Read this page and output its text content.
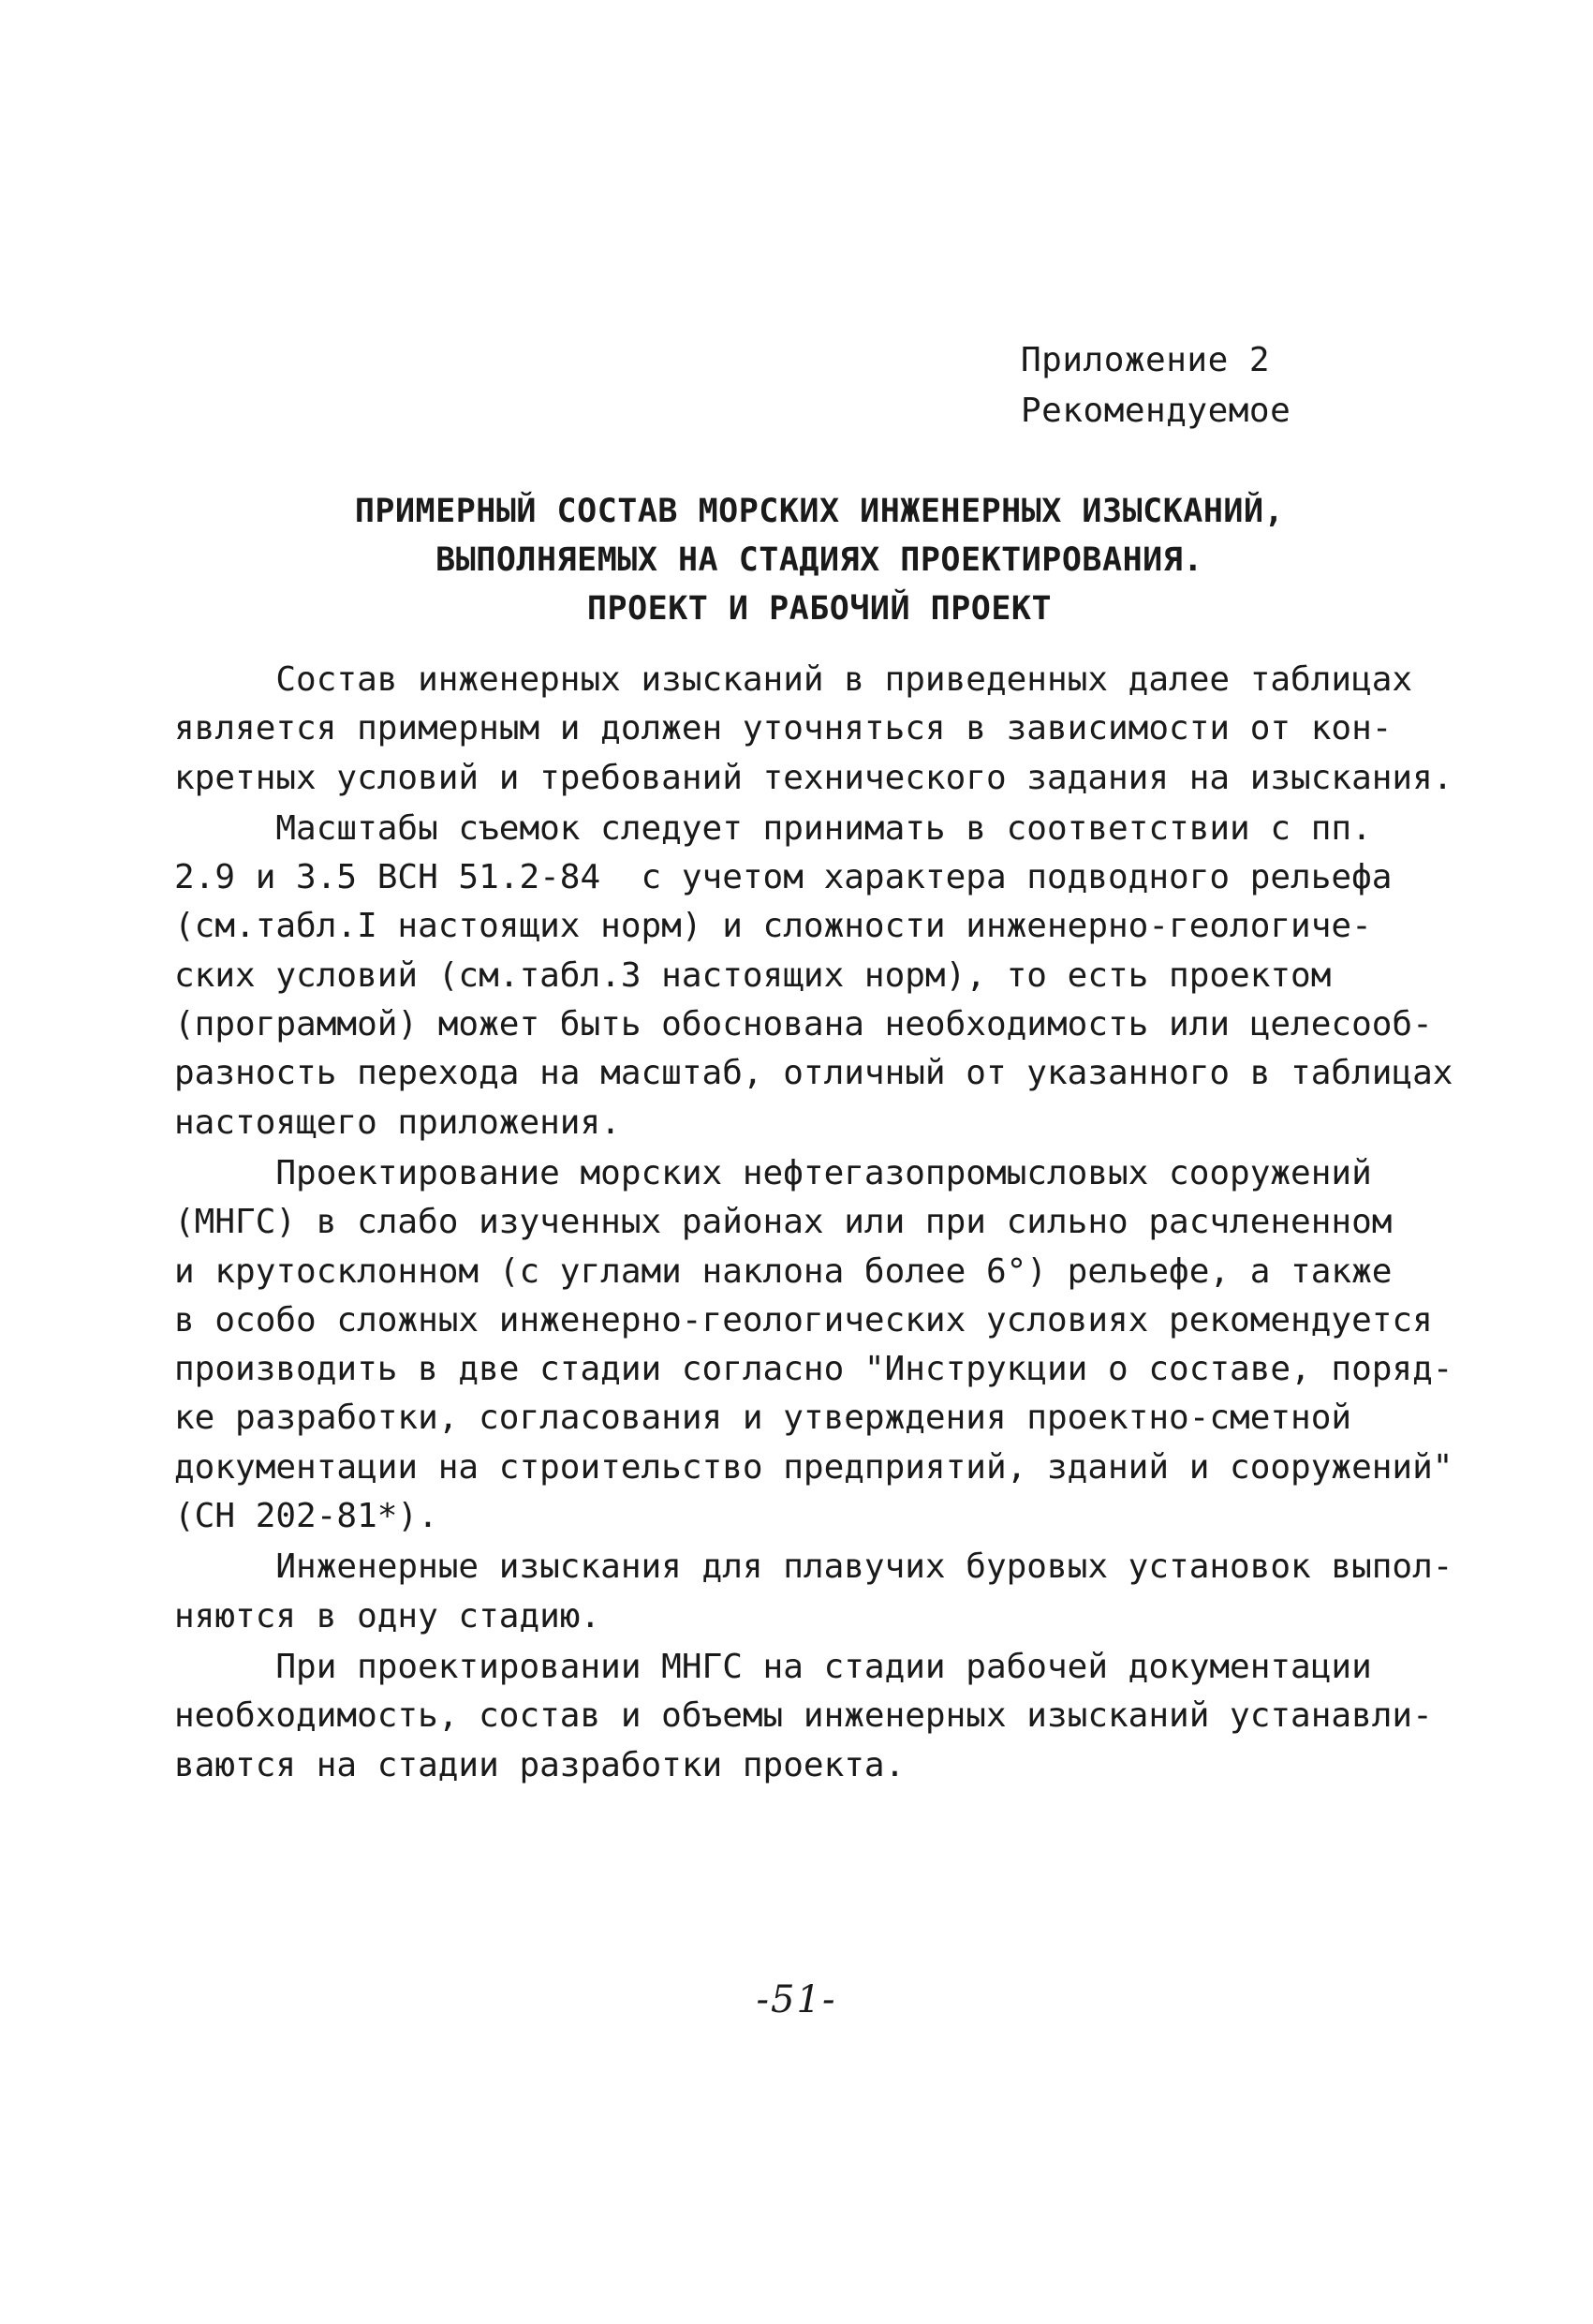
Приложение 2
Рекомендуемое
ПРИМЕРНЫЙ СОСТАВ МОРСКИХ ИНЖЕНЕРНЫХ ИЗЫСКАНИЙ,
ВЫПОЛНЯЕМЫХ НА СТАДИЯХ ПРОЕКТИРОВАНИЯ.
ПРОЕКТ И РАБОЧИЙ ПРОЕКТ
Состав инженерных изысканий в приведенных далее таблицах
является примерным и должен уточняться в зависимости от кон-
кретных условий и требований технического задания на изыскания.
Масштабы съемок следует принимать в соответствии с пп.
2.9 и 3.5 ВСН 51.2-84  с учетом характера подводного рельефа
(см.табл.I настоящих норм) и сложности инженерно-геологиче-
ских условий (см.табл.3 настоящих норм), то есть проектом
(программой) может быть обоснована необходимость или целесооб-
разность перехода на масштаб, отличный от указанного в таблицах
настоящего приложения.
Проектирование морских нефтегазопромысловых сооружений
(МНГС) в слабо изученных районах или при сильно расчлененном
и крутосклонном (с углами наклона более 6°) рельефе, а также
в особо сложных инженерно-геологических условиях рекомендуется
производить в две стадии согласно "Инструкции о составе, поряд-
ке разработки, согласования и утверждения проектно-сметной
документации на строительство предприятий, зданий и сооружений"
(СН 202-81*).
Инженерные изыскания для плавучих буровых установок выпол-
няются в одну стадию.
При проектировании МНГС на стадии рабочей документации
необходимость, состав и объемы инженерных изысканий устанавли-
ваются на стадии разработки проекта.
-51-
